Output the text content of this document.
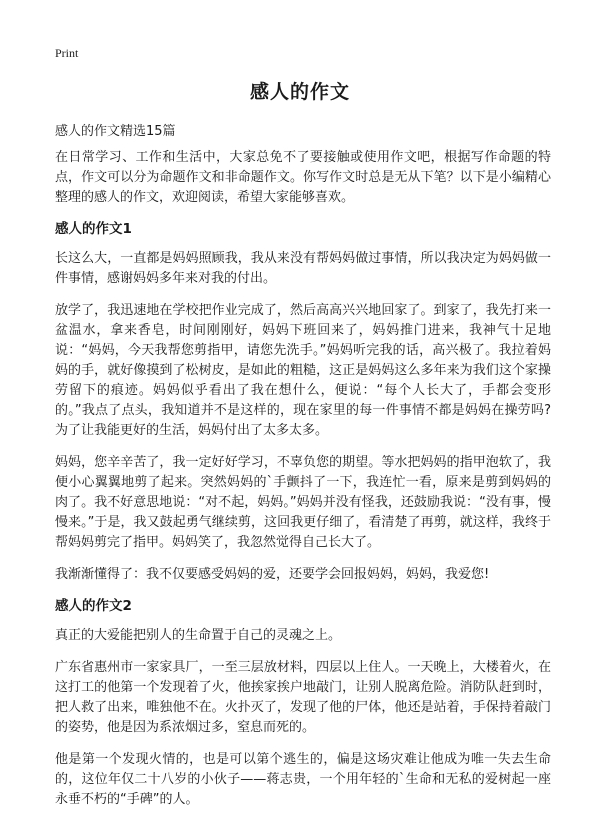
Print
感人的作文

感人的作文精选15篇

在日常学习、工作和生活中，大家总免不了要接触或使用作文吧，根据写作命题的特点，作文可以分为命题作文和非命题作文。你写作文时总是无从下笔？以下是小编精心整理的感人的作文，欢迎阅读，希望大家能够喜欢。

感人的作文1

长这么大，一直都是妈妈照顾我，我从来没有帮妈妈做过事情，所以我决定为妈妈做一件事情，感谢妈妈多年来对我的付出。

放学了，我迅速地在学校把作业完成了，然后高高兴兴地回家了。到家了，我先打来一盆温水，拿来香皂，时间刚刚好，妈妈下班回来了，妈妈推门进来，我神气十足地说：“妈妈，今天我帮您剪指甲，请您先洗手。”妈妈听完我的话，高兴极了。我拉着妈妈的手，就好像摸到了松树皮，是如此的粗糙，这正是妈妈这么多年来为我们这个家操劳留下的痕迹。妈妈似乎看出了我在想什么，便说：“每个人长大了，手都会变形的。”我点了点头，我知道并不是这样的，现在家里的每一件事情不都是妈妈在操劳吗?为了让我能更好的生活，妈妈付出了太多太多。

妈妈，您辛辛苦了，我一定好好学习，不辜负您的期望。等水把妈妈的指甲泡软了，我便小心翼翼地剪了起来。突然妈妈的`手颤抖了一下，我连忙一看，原来是剪到妈妈的肉了。我不好意思地说：“对不起，妈妈。”妈妈并没有怪我，还鼓励我说：“没有事，慢慢来。”于是，我又鼓起勇气继续剪，这回我更仔细了，看清楚了再剪，就这样，我终于帮妈妈剪完了指甲。妈妈笑了，我忽然觉得自己长大了。

我渐渐懂得了：我不仅要感受妈妈的爱，还要学会回报妈妈，妈妈，我爱您!

感人的作文2

真正的大爱能把别人的生命置于自己的灵魂之上。

广东省惠州市一家家具厂，一至三层放材料，四层以上住人。一天晚上，大楼着火，在这打工的他第一个发现着了火，他挨家挨户地敲门，让别人脱离危险。消防队赶到时，把人救了出来，唯独他不在。火扑灭了，发现了他的尸体，他还是站着，手保持着敲门的姿势，他是因为系浓烟过多，窒息而死的。

他是第一个发现火情的，也是可以第个逃生的，偏是这场灾难让他成为唯一失去生命的，这位年仅二十八岁的小伙子——蒋志贵，一个用年轻的`生命和无私的爱树起一座永垂不朽的“手碑”的人。
